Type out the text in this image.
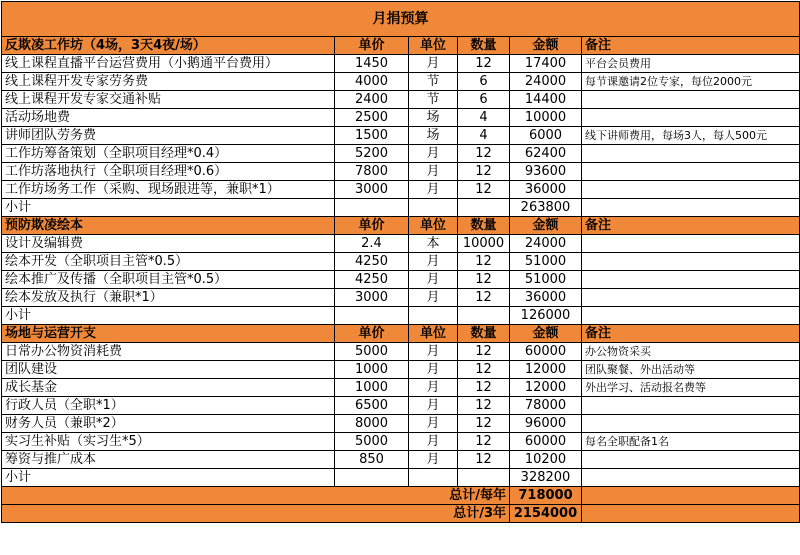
月捐预算					
反欺凌工作坊（4场，3天4夜/场）	单价	单位	数量	金额	备注
线上课程直播平台运营费用（小鹅通平台费用）	1450	月	12	17400	平台会员费用
线上课程开发专家劳务费	4000	节	6	24000	每节课邀请2位专家，每位2000元
线上课程开发专家交通补贴	2400	节	6	14400	
活动场地费	2500	场	4	10000	
讲师团队劳务费	1500	场	4	6000	线下讲师费用，每场3人，每人500元
工作坊筹备策划（全职项目经理*0.4）	5200	月	12	62400	
工作坊落地执行（全职项目经理*0.6）	7800	月	12	93600	
工作坊场务工作（采购、现场跟进等，兼职*1）	3000	月	12	36000	
小计				263800	
预防欺凌绘本	单价	单位	数量	金额	备注
设计及编辑费	2.4	本	10000	24000	
绘本开发（全职项目主管*0.5）	4250	月	12	51000	
绘本推广及传播（全职项目主管*0.5）	4250	月	12	51000	
绘本发放及执行（兼职*1）	3000	月	12	36000	
小计				126000	
场地与运营开支	单价	单位	数量	金额	备注
日常办公物资消耗费	5000	月	12	60000	办公物资采买
团队建设	1000	月	12	12000	团队聚餐、外出活动等
成长基金	1000	月	12	12000	外出学习、活动报名费等
行政人员（全职*1）	6500	月	12	78000	
财务人员（兼职*2）	8000	月	12	96000	
实习生补贴（实习生*5）	5000	月	12	60000	每名全职配备1名
筹资与推广成本	850	月	12	10200	
小计				328200	
总计/每年				718000	
总计/3年				2154000	
